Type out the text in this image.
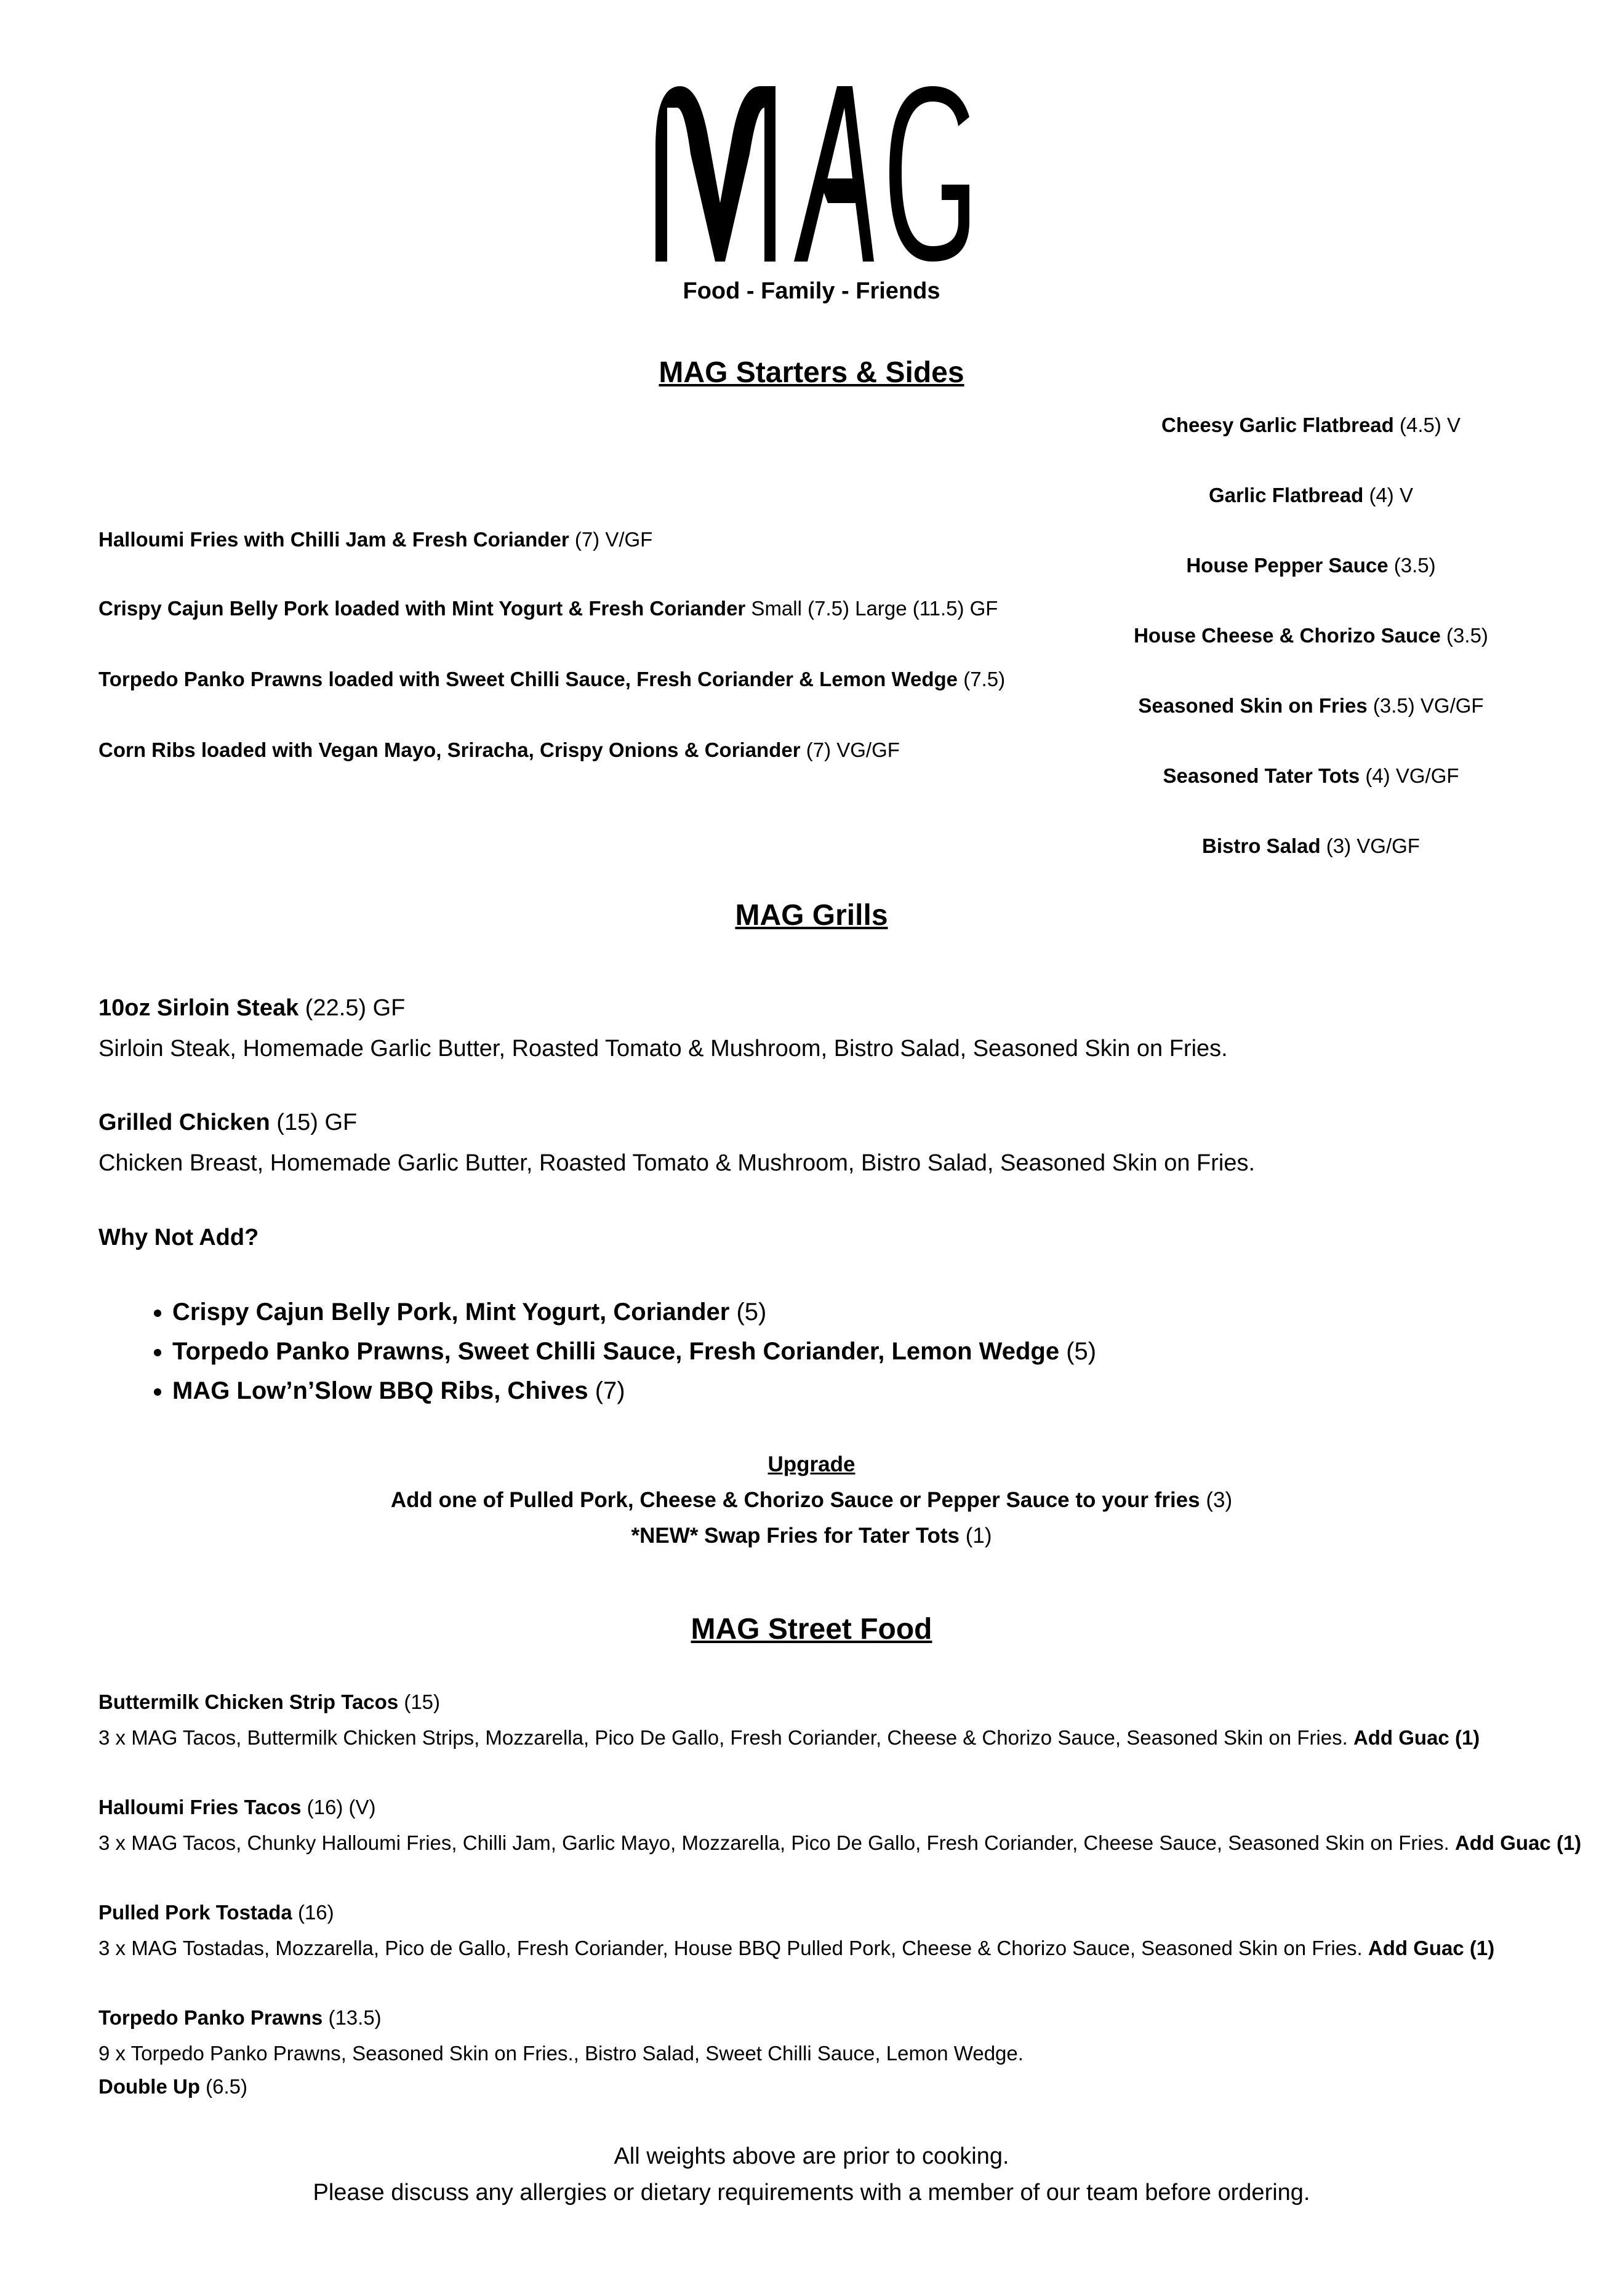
Food - Family - Friends
MAG Starters & Sides
Halloumi Fries with Chilli Jam & Fresh Coriander (7) V/GF
Crispy Cajun Belly Pork loaded with Mint Yogurt & Fresh Coriander Small (7.5) Large (11.5) GF
Torpedo Panko Prawns loaded with Sweet Chilli Sauce, Fresh Coriander & Lemon Wedge (7.5)
Corn Ribs loaded with Vegan Mayo, Sriracha, Crispy Onions & Coriander (7) VG/GF
Cheesy Garlic Flatbread (4.5) V
Garlic Flatbread (4) V
House Pepper Sauce (3.5)
House Cheese & Chorizo Sauce (3.5)
Seasoned Skin on Fries (3.5) VG/GF
Seasoned Tater Tots (4) VG/GF
Bistro Salad (3) VG/GF
MAG Grills
10oz Sirloin Steak (22.5) GF
Sirloin Steak, Homemade Garlic Butter, Roasted Tomato & Mushroom, Bistro Salad, Seasoned Skin on Fries.
Grilled Chicken (15) GF
Chicken Breast, Homemade Garlic Butter, Roasted Tomato & Mushroom, Bistro Salad, Seasoned Skin on Fries.
Why Not Add?
• Crispy Cajun Belly Pork, Mint Yogurt, Coriander (5)
• Torpedo Panko Prawns, Sweet Chilli Sauce, Fresh Coriander, Lemon Wedge (5)
• MAG Low’n’Slow BBQ Ribs, Chives (7)
Upgrade
Add one of Pulled Pork, Cheese & Chorizo Sauce or Pepper Sauce to your fries (3)
*NEW* Swap Fries for Tater Tots (1)
MAG Street Food
Buttermilk Chicken Strip Tacos (15)
3 x MAG Tacos, Buttermilk Chicken Strips, Mozzarella, Pico De Gallo, Fresh Coriander, Cheese & Chorizo Sauce, Seasoned Skin on Fries. Add Guac (1)
Halloumi Fries Tacos (16) (V)
3 x MAG Tacos, Chunky Halloumi Fries, Chilli Jam, Garlic Mayo, Mozzarella, Pico De Gallo, Fresh Coriander, Cheese Sauce, Seasoned Skin on Fries. Add Guac (1)
Pulled Pork Tostada (16)
3 x MAG Tostadas, Mozzarella, Pico de Gallo, Fresh Coriander, House BBQ Pulled Pork, Cheese & Chorizo Sauce, Seasoned Skin on Fries. Add Guac (1)
Torpedo Panko Prawns (13.5)
9 x Torpedo Panko Prawns, Seasoned Skin on Fries., Bistro Salad, Sweet Chilli Sauce, Lemon Wedge.
Double Up (6.5)
All weights above are prior to cooking.
Please discuss any allergies or dietary requirements with a member of our team before ordering.
